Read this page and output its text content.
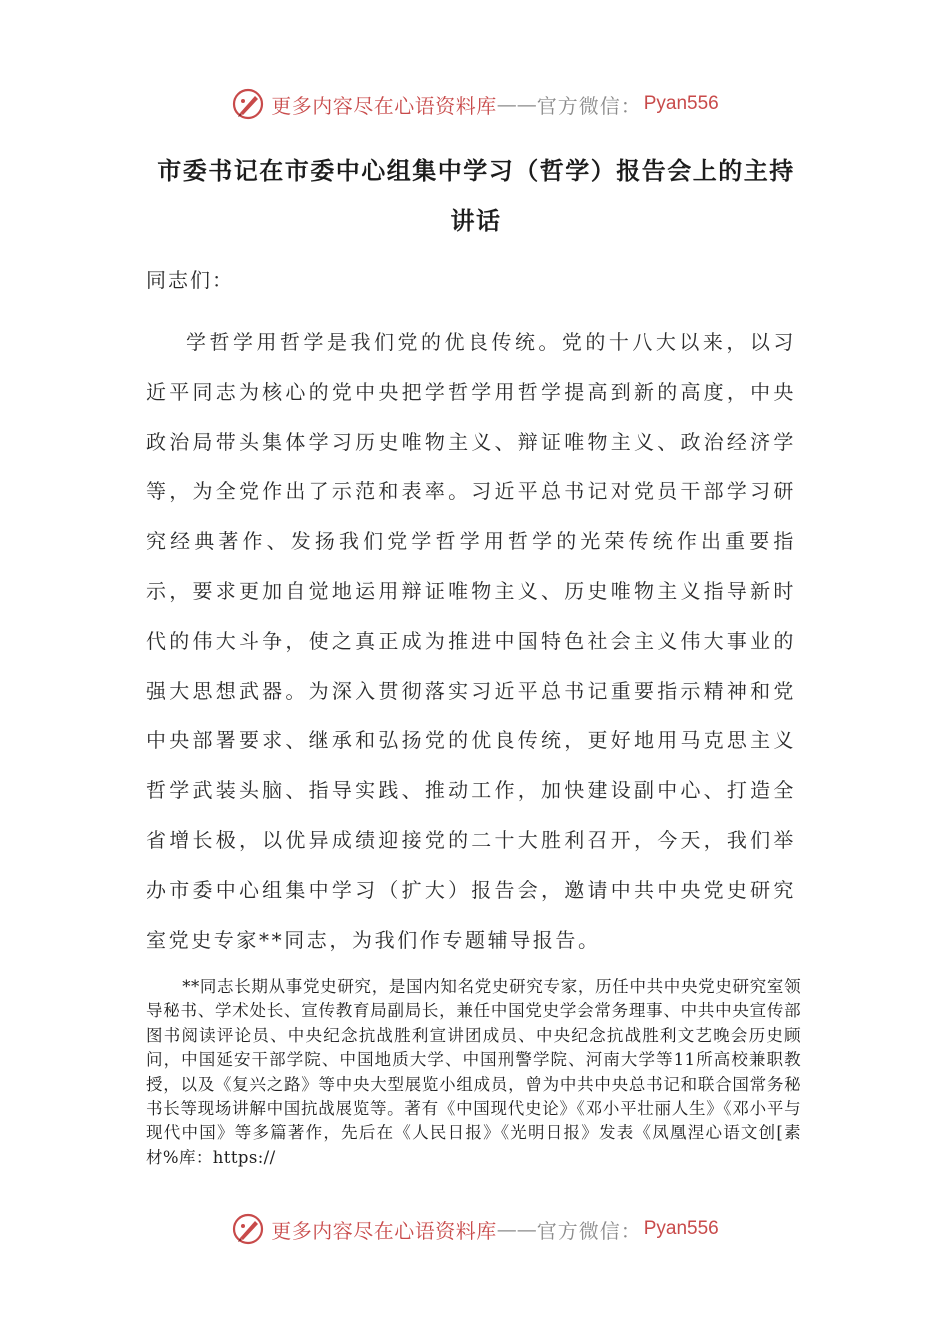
更多内容尽在心语资料库 —— 官方微信： Pyan556
市委书记在市委中心组集中学习（哲学）报告会上的主持讲话
同志们：

学哲学用哲学是我们党的优良传统。党的十八大以来，以习近平同志为核心的党中央把学哲学用哲学提高到新的高度，中央政治局带头集体学习历史唯物主义、辩证唯物主义、政治经济学等，为全党作出了示范和表率。习近平总书记对党员干部学习研究经典著作、发扬我们党学哲学用哲学的光荣传统作出重要指示，要求更加自觉地运用辩证唯物主义、历史唯物主义指导新时代的伟大斗争，使之真正成为推进中国特色社会主义伟大事业的强大思想武器。为深入贯彻落实习近平总书记重要指示精神和党中央部署要求、继承和弘扬党的优良传统，更好地用马克思主义哲学武装头脑、指导实践、推动工作，加快建设副中心、打造全省增长极，以优异成绩迎接党的二十大胜利召开，今天，我们举办市委中心组集中学习（扩大）报告会，邀请中共中央党史研究室党史专家**同志，为我们作专题辅导报告。

**同志长期从事党史研究，是国内知名党史研究专家，历任中共中央党史研究室领导秘书、学术处长、宣传教育局副局长，兼任中国党史学会常务理事、中共中央宣传部图书阅读评论员、中央纪念抗战胜利宣讲团成员、中央纪念抗战胜利文艺晚会历史顾问，中国延安干部学院、中国地质大学、中国刑警学院、河南大学等11所高校兼职教授，以及《复兴之路》等中央大型展览小组成员，曾为中共中央总书记和联合国常务秘书长等现场讲解中国抗战展览等。著有《中国现代史论》《邓小平壮丽人生》《邓小平与现代中国》等多篇著作，先后在《人民日报》《光明日报》发表《凤凰涅心语文创[素材%库：https://

更多内容尽在心语资料库 —— 官方微信： Pyan556
